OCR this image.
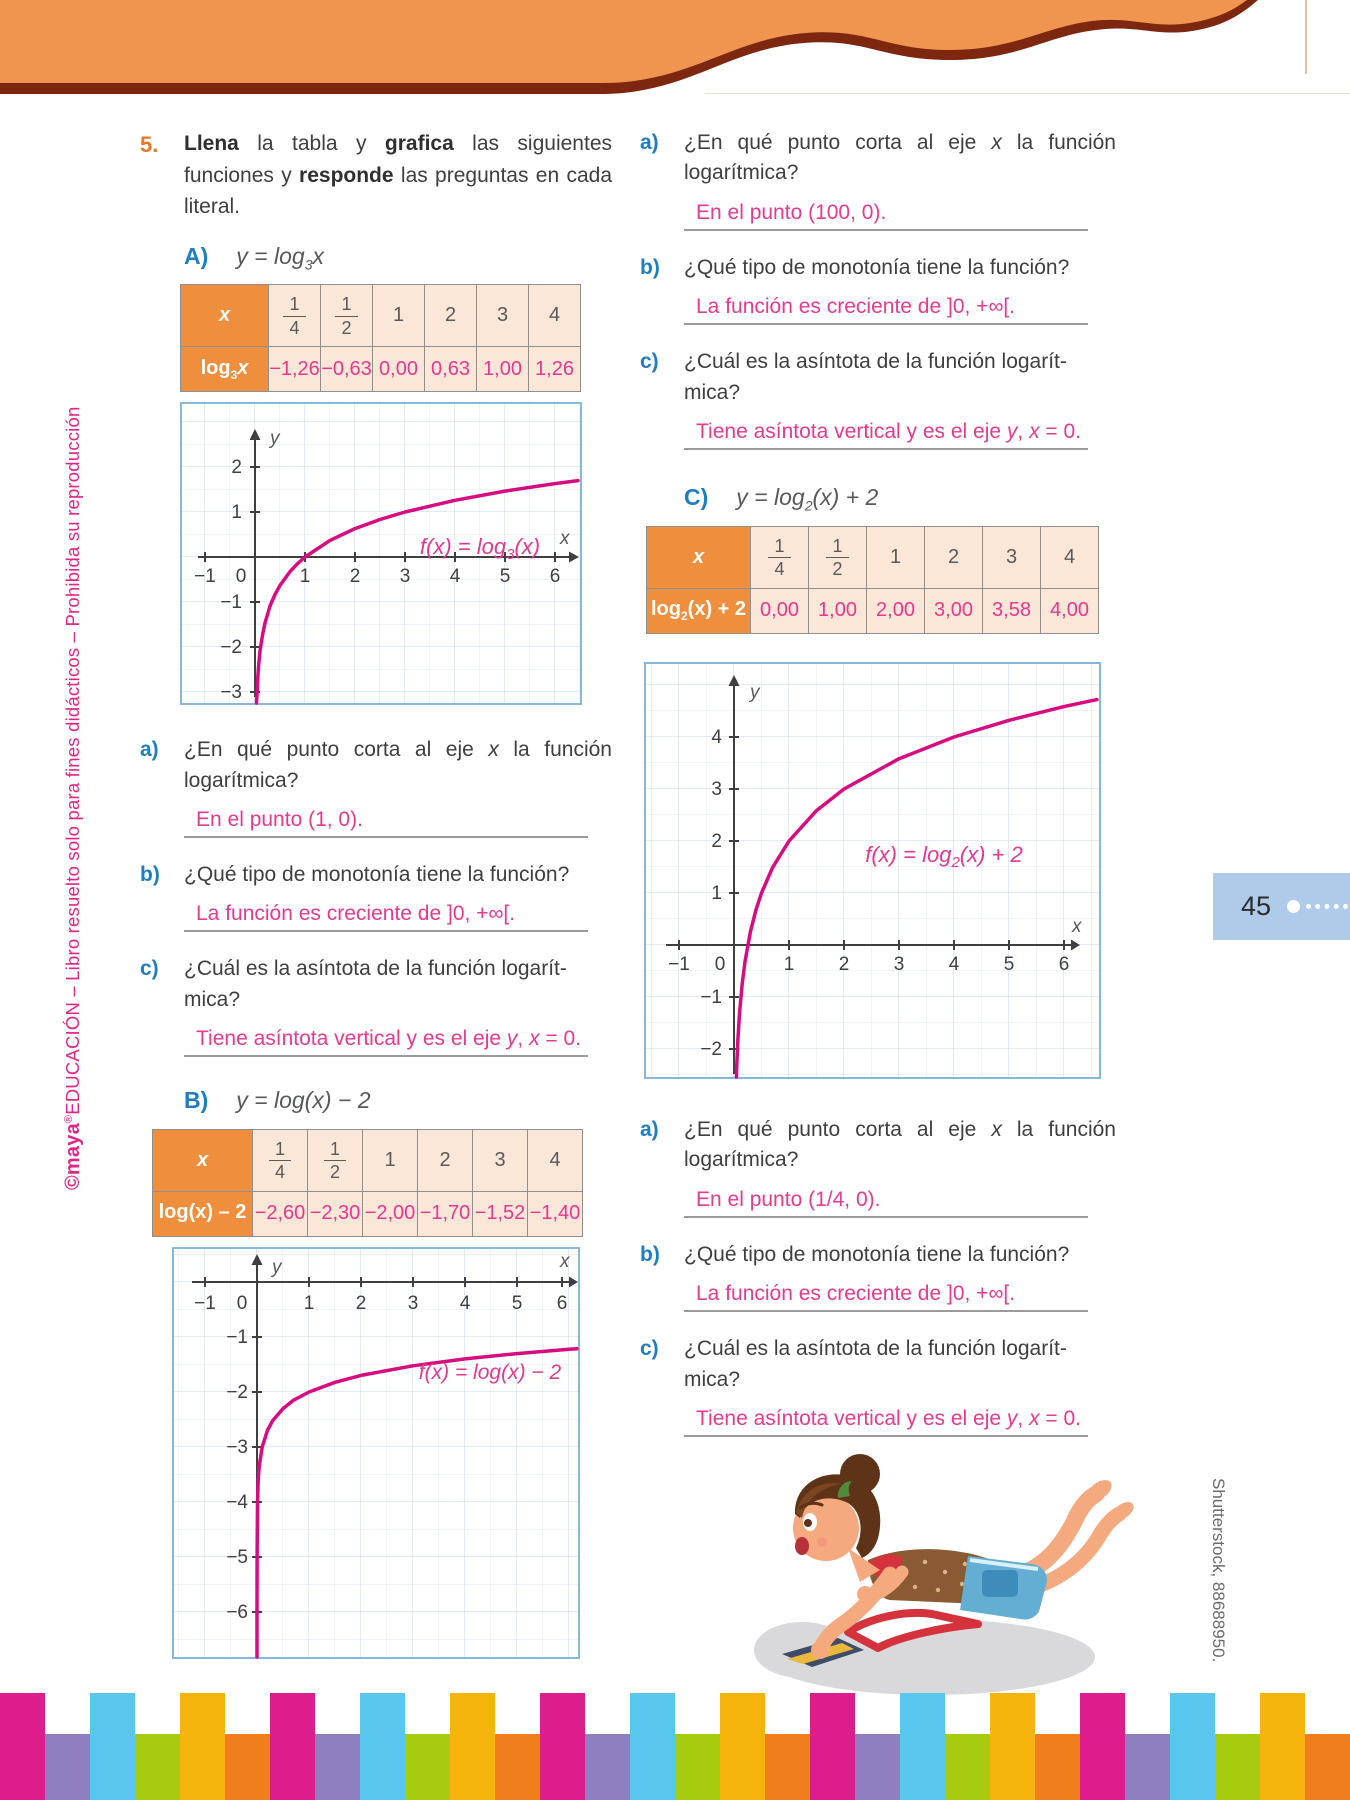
©maya®EDUCACIÓN – Libro resuelto solo para fines didácticos – Prohibida su reproducción
5.	Llena la tabla y grafica las siguientes funciones y responde las preguntas en cada literal.
A) $y = \log_3x$
x	$\frac{1}{4}$	$\frac{1}{2}$	1	2	3	4
$\log_3x$	−1,26	−0,63	0,00	0,63	1,00	1,26
−1 0	1 2 3 4 5 6
2
1
−1
−2
−3
y
x
$f(x) = \log_3(x)$
a)	¿En qué punto corta al eje x la función logarítmica?
En el punto (1, 0).
b)	¿Qué tipo de monotonía tiene la función?
La función es creciente de ]0, +∞[.
c)	¿Cuál es la asíntota de la función logarít-
mica?
Tiene asíntota vertical y es el eje y, x = 0.
B) y = log(x) − 2
x	$\frac{1}{4}$	$\frac{1}{2}$	1	2	3	4
log(x) – 2	−2,60	−2,30	−2,00	−1,70	−1,52	−1,40
−1 0	1 2 3 4 5 6
−1
−2
−3
−4
−5
−6
y	x
f(x) = log(x) − 2
a)	¿En qué punto corta al eje x la función logarítmica?
En el punto (100, 0).
b)	¿Qué tipo de monotonía tiene la función?
La función es creciente de ]0, +∞[.
c)	¿Cuál es la asíntota de la función logarít-
mica?
Tiene asíntota vertical y es el eje y, x = 0.
C) $y = \log_2(x) + 2$
x	$\frac{1}{4}$	$\frac{1}{2}$	1	2	3	4
$\log_2(x) + 2$	0,00	1,00	2,00	3,00	3,58	4,00
−1 0	1 2 3 4 5 6
4
3
2
1
−1
−2
y
x
$f(x) = \log_2(x) + 2$
a)	¿En qué punto corta al eje x la función logarítmica?
En el punto (1/4, 0).
b)	¿Qué tipo de monotonía tiene la función?
La función es creciente de ]0, +∞[.
c)	¿Cuál es la asíntota de la función logarít-
mica?
Tiene asíntota vertical y es el eje y, x = 0.
45
Shutterstock, 88688950.
